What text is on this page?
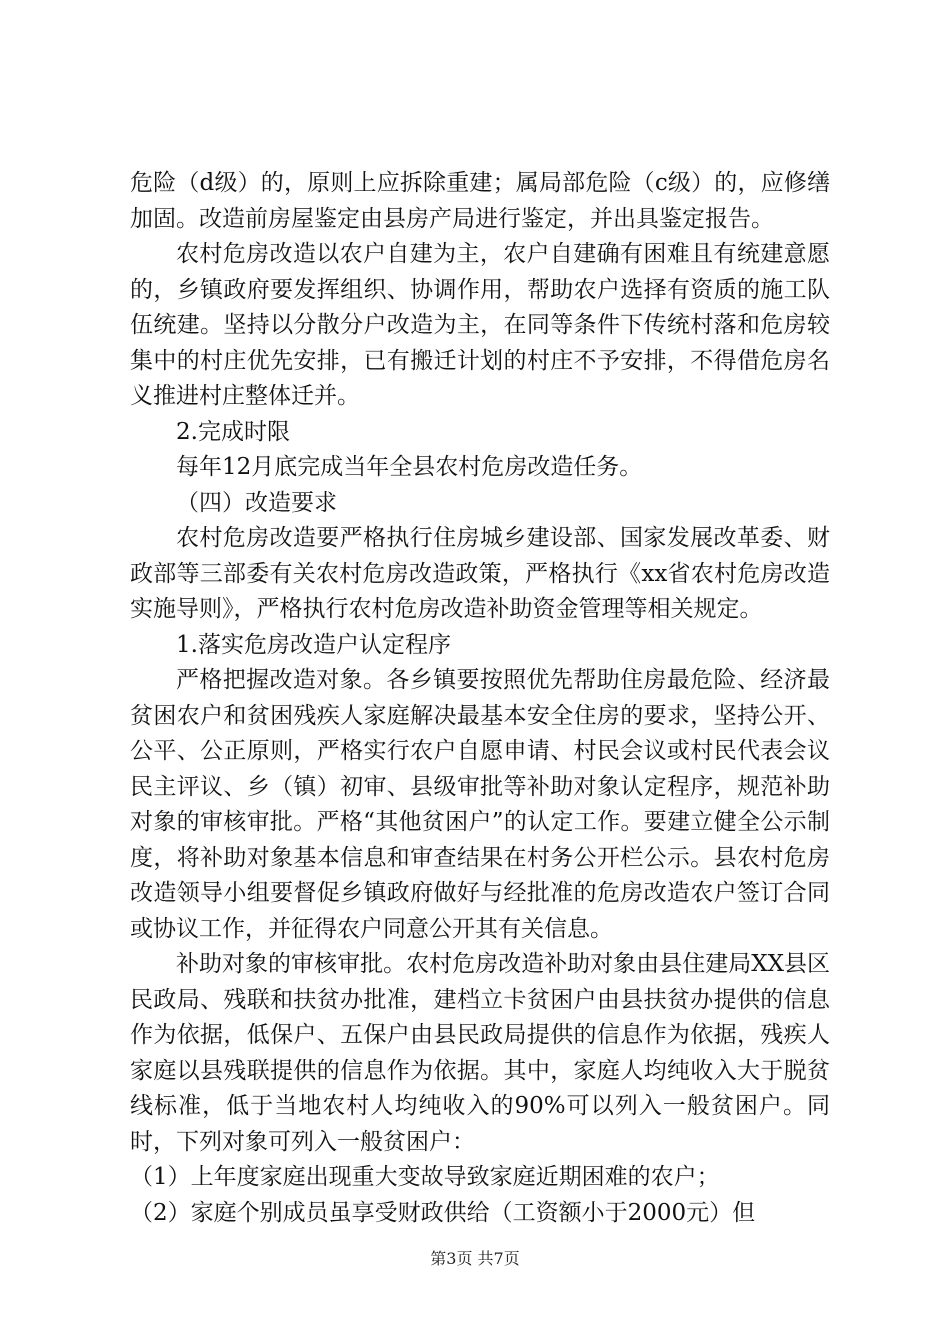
危险（d级）的，原则上应拆除重建；属局部危险（c级）的，应修缮加固。改造前房屋鉴定由县房产局进行鉴定，并出具鉴定报告。

农村危房改造以农户自建为主，农户自建确有困难且有统建意愿的，乡镇政府要发挥组织、协调作用，帮助农户选择有资质的施工队伍统建。坚持以分散分户改造为主，在同等条件下传统村落和危房较集中的村庄优先安排，已有搬迁计划的村庄不予安排，不得借危房名义推进村庄整体迁并。

2.完成时限

每年12月底完成当年全县农村危房改造任务。

（四）改造要求

农村危房改造要严格执行住房城乡建设部、国家发展改革委、财政部等三部委有关农村危房改造政策，严格执行《xx省农村危房改造实施导则》，严格执行农村危房改造补助资金管理等相关规定。

1.落实危房改造户认定程序

严格把握改造对象。各乡镇要按照优先帮助住房最危险、经济最贫困农户和贫困残疾人家庭解决最基本安全住房的要求，坚持公开、公平、公正原则，严格实行农户自愿申请、村民会议或村民代表会议民主评议、乡（镇）初审、县级审批等补助对象认定程序，规范补助对象的审核审批。严格“其他贫困户”的认定工作。要建立健全公示制度，将补助对象基本信息和审查结果在村务公开栏公示。县农村危房改造领导小组要督促乡镇政府做好与经批准的危房改造农户签订合同或协议工作，并征得农户同意公开其有关信息。

补助对象的审核审批。农村危房改造补助对象由县住建局XX县区民政局、残联和扶贫办批准，建档立卡贫困户由县扶贫办提供的信息作为依据，低保户、五保户由县民政局提供的信息作为依据，残疾人家庭以县残联提供的信息作为依据。其中，家庭人均纯收入大于脱贫线标准，低于当地农村人均纯收入的90%可以列入一般贫困户。同时，下列对象可列入一般贫困户：

（1）上年度家庭出现重大变故导致家庭近期困难的农户；

（2）家庭个别成员虽享受财政供给（工资额小于2000元）但

第3页 共7页
